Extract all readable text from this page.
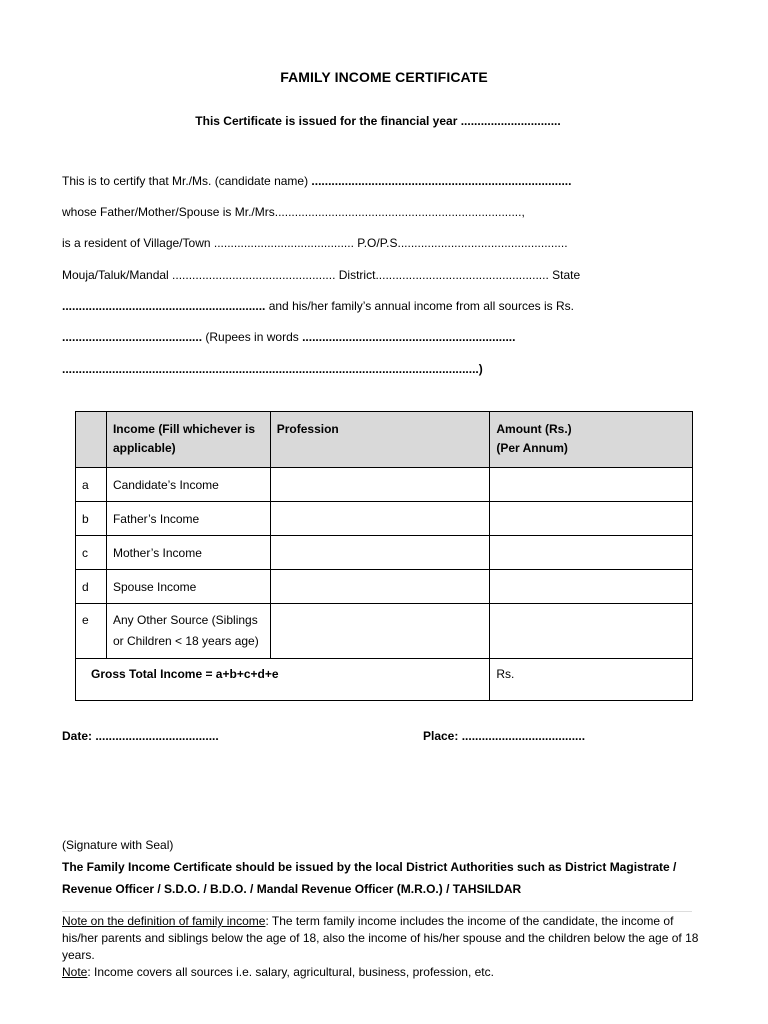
FAMILY INCOME CERTIFICATE
This Certificate is issued for the financial year ..............................
This is to certify that Mr./Ms. (candidate name) ..............................................................................
whose Father/Mother/Spouse is Mr./Mrs..........................................................................,
is a resident of Village/Town .......................................... P.O/P.S...................................................
Mouja/Taluk/Mandal ................................................. District.................................................... State
............................................................. and his/her family’s annual income from all sources is Rs.
.......................................... (Rupees in words ................................................................
.............................................................................................................................)
	Income (Fill whichever is applicable)	Profession	Amount (Rs.)
(Per Annum)

a	Candidate’s Income		
b	Father’s Income		
c	Mother’s Income		
d	Spouse Income		
e	Any Other Source (Siblings
or Children < 18 years age)		

Gross Total Income = a+b+c+d+e			Rs.
Date: .....................................	Place: .....................................
(Signature with Seal)
The Family Income Certificate should be issued by the local District Authorities such as District Magistrate / Revenue Officer / S.D.O. / B.D.O. / Mandal Revenue Officer (M.R.O.) / TAHSILDAR
Note on the definition of family income: The term family income includes the income of the candidate, the income of his/her parents and siblings below the age of 18, also the income of his/her spouse and the children below the age of 18 years.
Note: Income covers all sources i.e. salary, agricultural, business, profession, etc.
